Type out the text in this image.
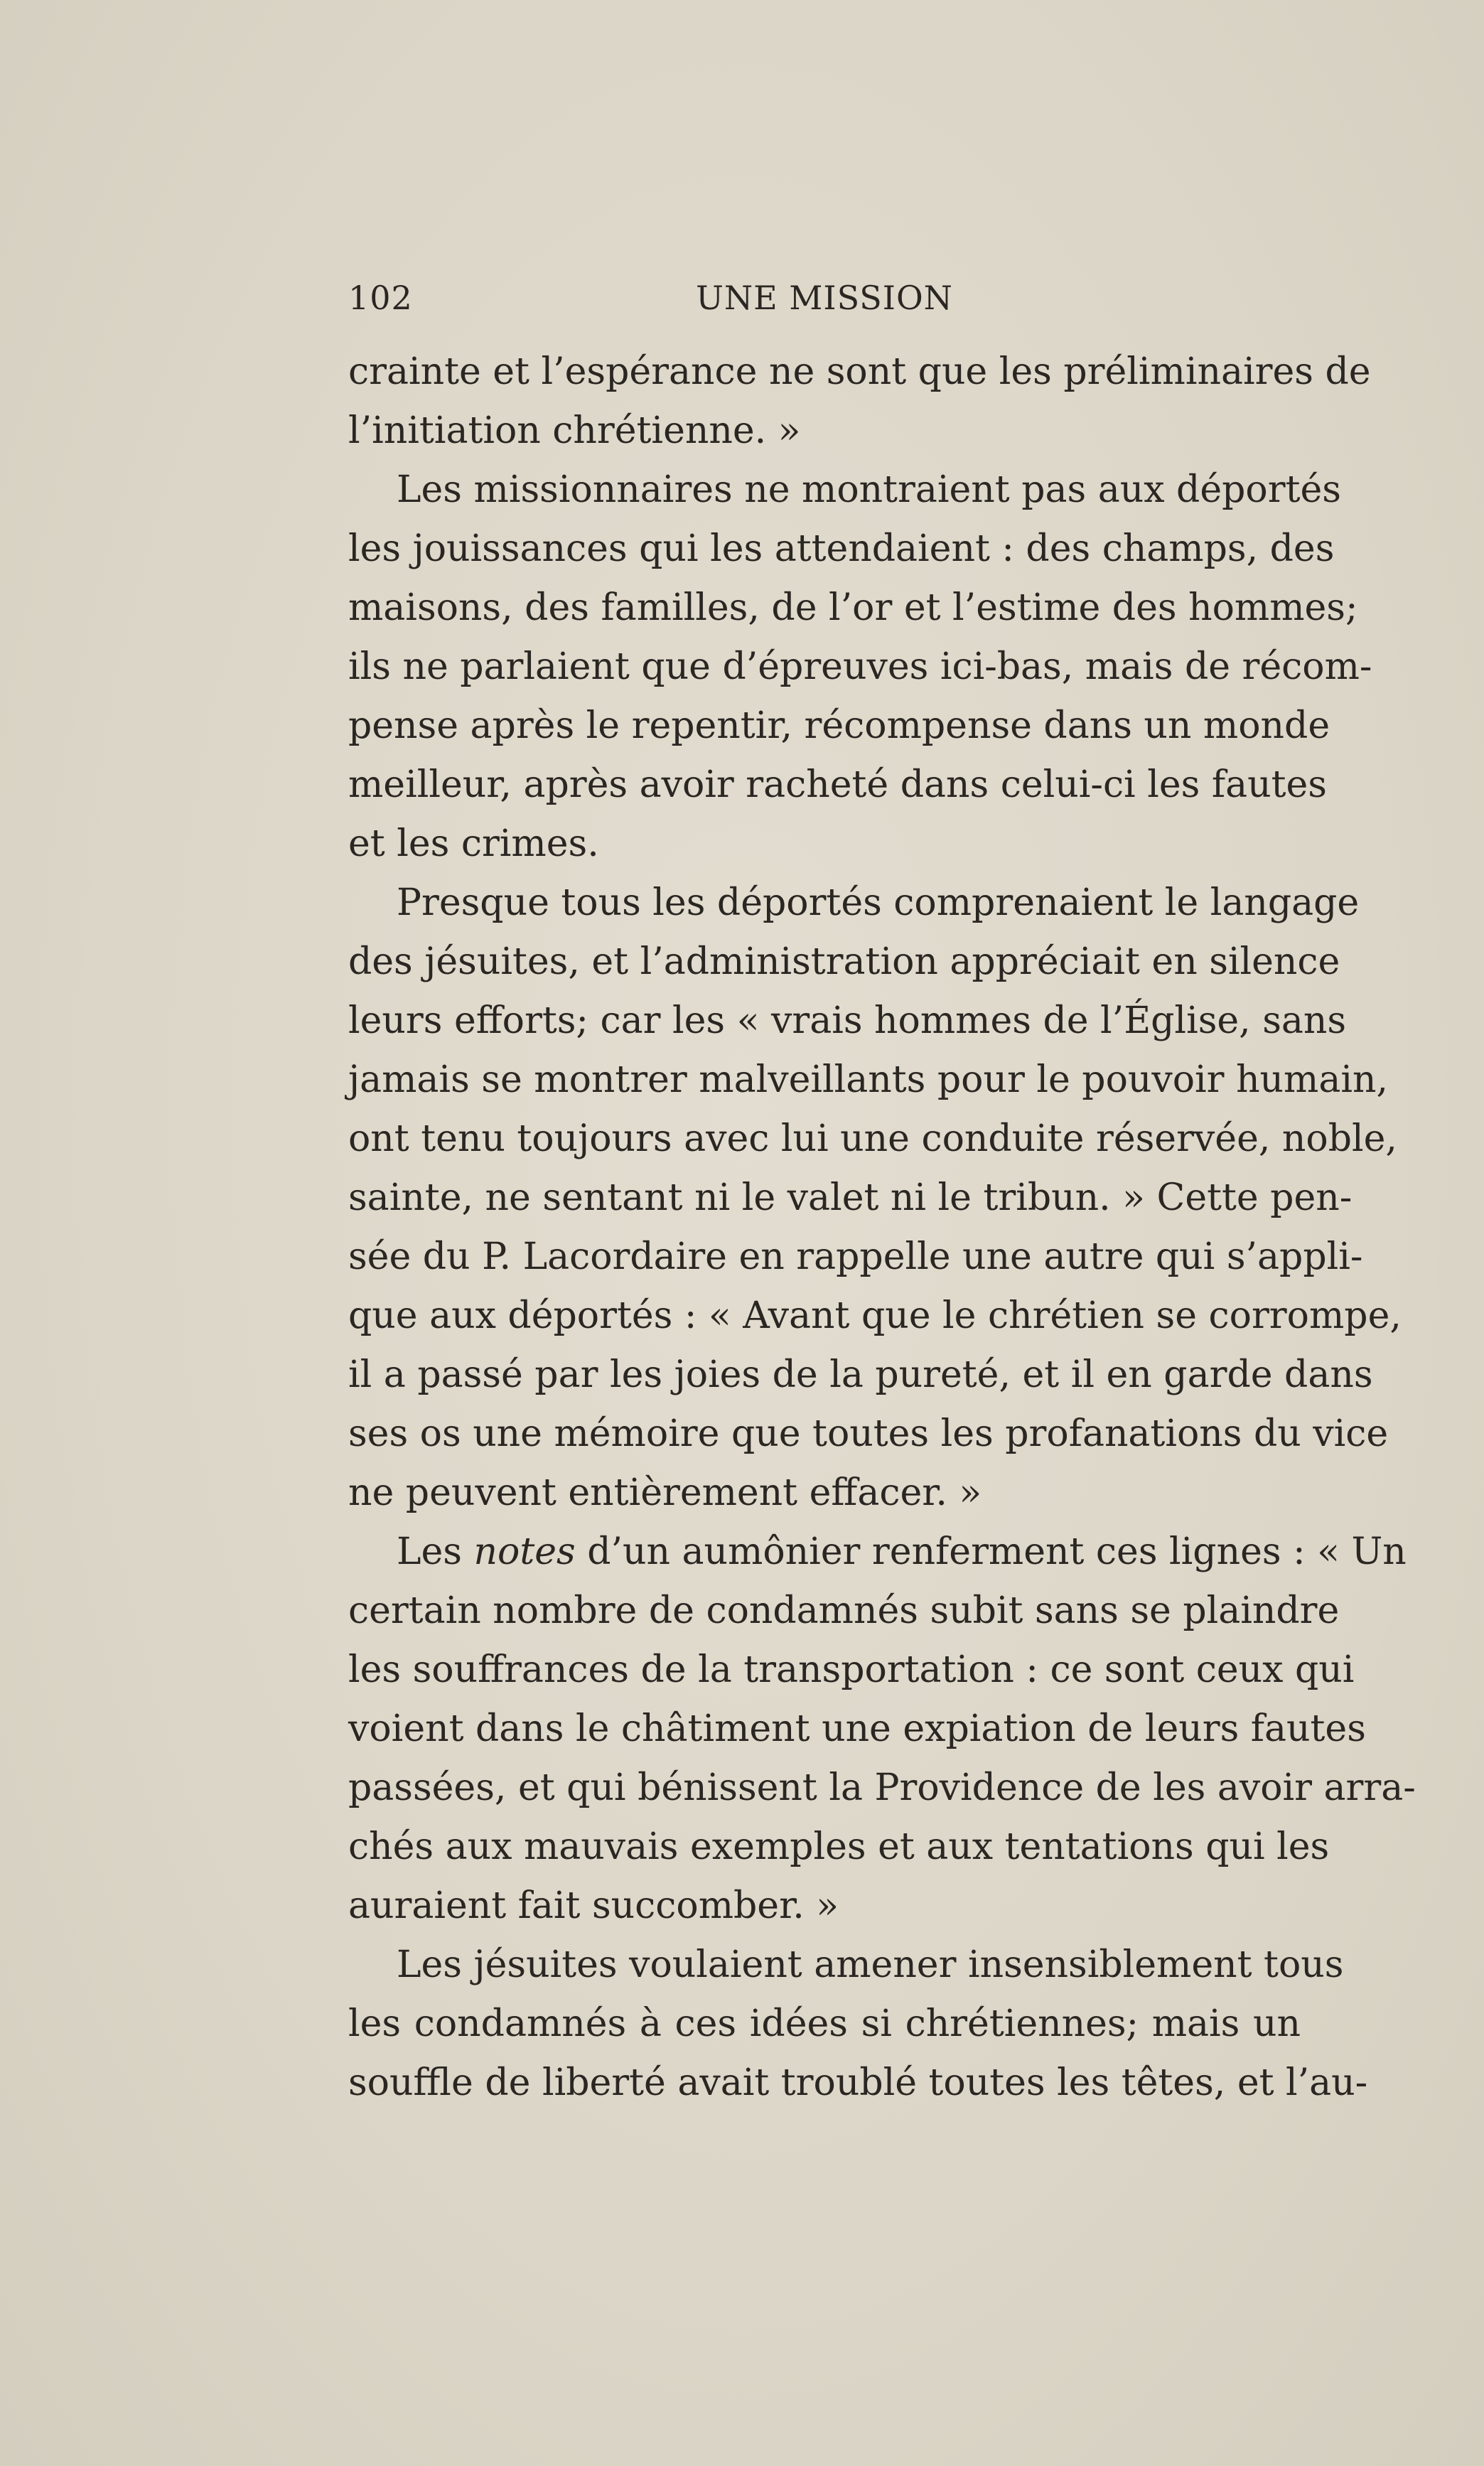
102	UNE MISSION
crainte et l’espérance ne sont que les préliminaires de
l’initiation chrétienne. »
Les missionnaires ne montraient pas aux déportés
les jouissances qui les attendaient : des champs, des
maisons, des familles, de l’or et l’estime des hommes;
ils ne parlaient que d’épreuves ici-bas, mais de récom-
pense après le repentir, récompense dans un monde
meilleur, après avoir racheté dans celui-ci les fautes
et les crimes.
Presque tous les déportés comprenaient le langage
des jésuites, et l’administration appréciait en silence
leurs efforts; car les « vrais hommes de l’Église, sans
jamais se montrer malveillants pour le pouvoir humain,
ont tenu toujours avec lui une conduite réservée, noble,
sainte, ne sentant ni le valet ni le tribun. » Cette pen-
sée du P. Lacordaire en rappelle une autre qui s’appli-
que aux déportés : « Avant que le chrétien se corrompe,
il a passé par les joies de la pureté, et il en garde dans
ses os une mémoire que toutes les profanations du vice
ne peuvent entièrement effacer. »
Les notes d’un aumônier renferment ces lignes : « Un
certain nombre de condamnés subit sans se plaindre
les souffrances de la transportation : ce sont ceux qui
voient dans le châtiment une expiation de leurs fautes
passées, et qui bénissent la Providence de les avoir arra-
chés aux mauvais exemples et aux tentations qui les
auraient fait succomber. »
Les jésuites voulaient amener insensiblement tous
les condamnés à ces idées si chrétiennes; mais un
souffle de liberté avait troublé toutes les têtes, et l’au-
